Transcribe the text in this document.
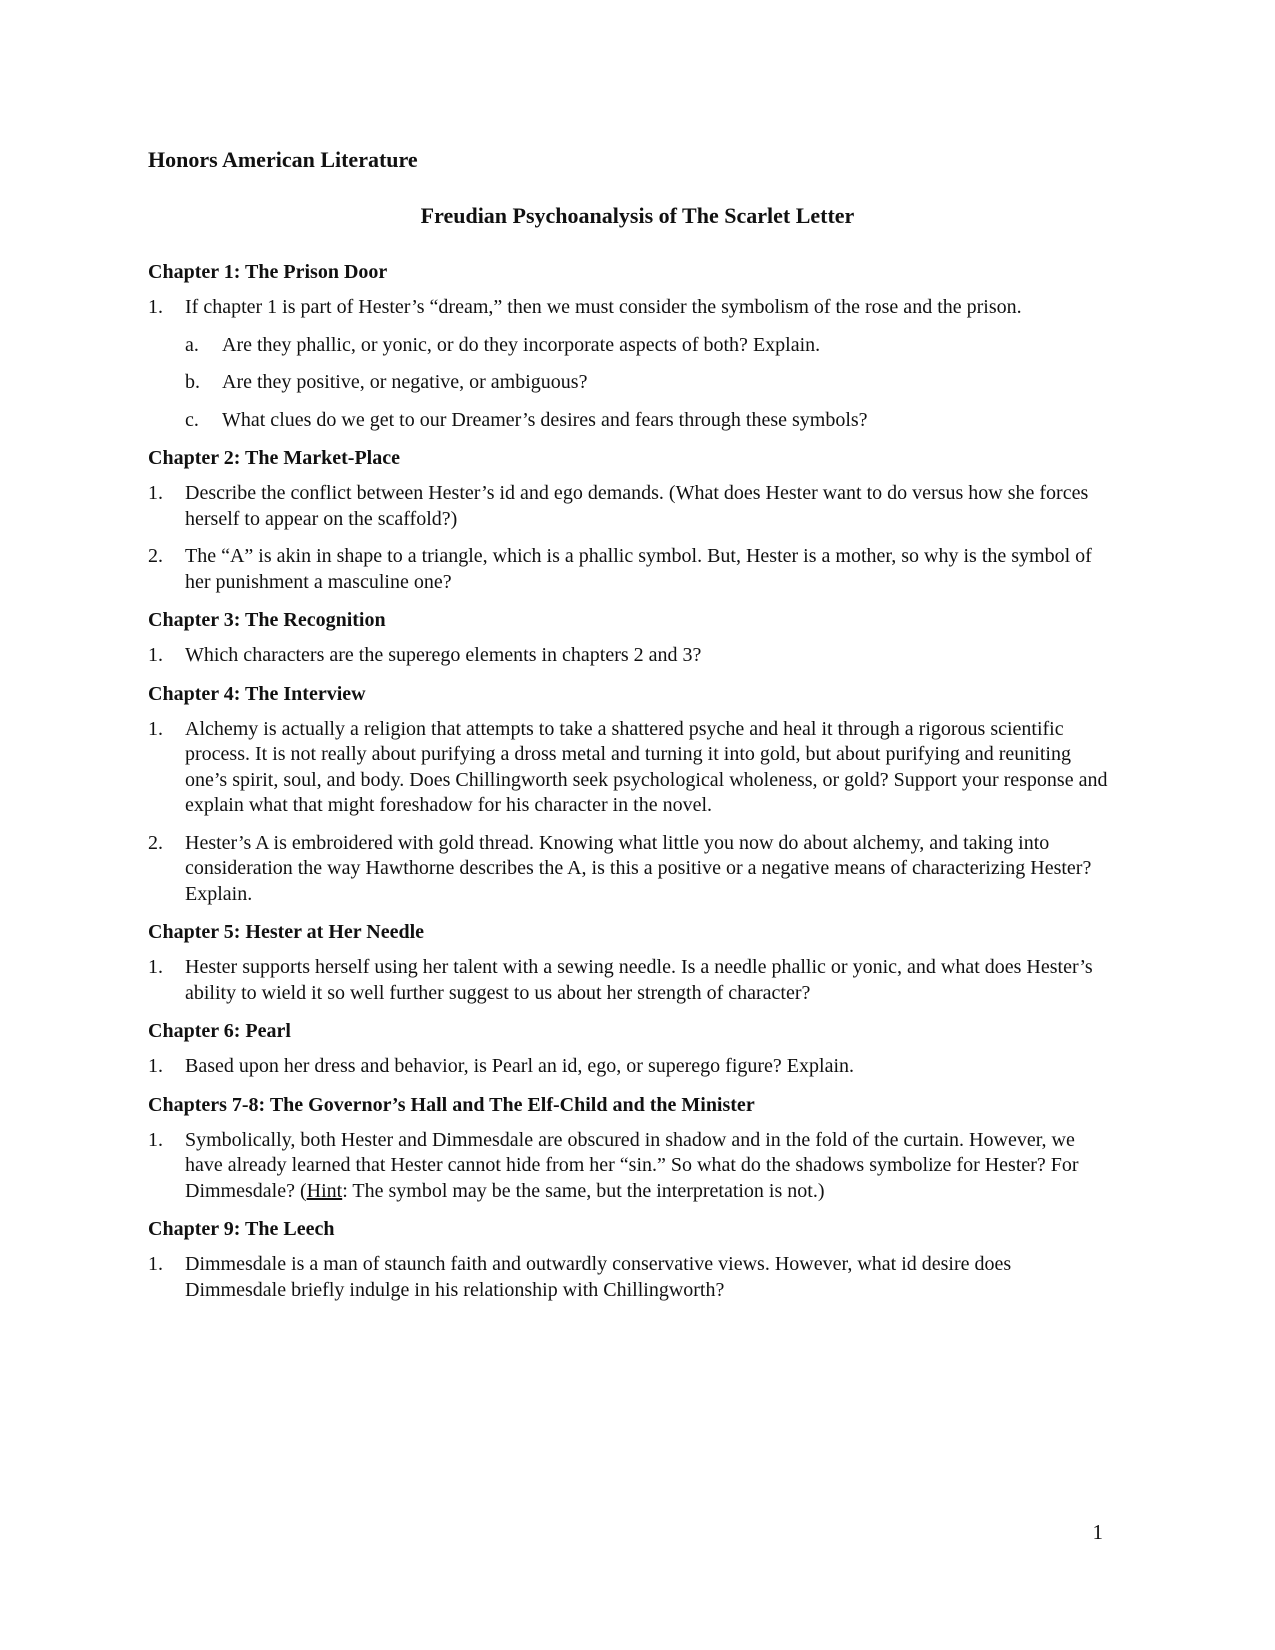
Honors American Literature
Freudian Psychoanalysis of The Scarlet Letter
Chapter 1: The Prison Door
1.	If chapter 1 is part of Hester’s “dream,” then we must consider the symbolism of the rose and the prison.
a.	Are they phallic, or yonic, or do they incorporate aspects of both? Explain.
b.	Are they positive, or negative, or ambiguous?
c.	What clues do we get to our Dreamer’s desires and fears through these symbols?
Chapter 2: The Market-Place
1.	Describe the conflict between Hester’s id and ego demands. (What does Hester want to do versus how she forces herself to appear on the scaffold?)
2.	The “A” is akin in shape to a triangle, which is a phallic symbol. But, Hester is a mother, so why is the symbol of her punishment a masculine one?
Chapter 3: The Recognition
1.	Which characters are the superego elements in chapters 2 and 3?
Chapter 4: The Interview
1.	Alchemy is actually a religion that attempts to take a shattered psyche and heal it through a rigorous scientific process. It is not really about purifying a dross metal and turning it into gold, but about purifying and reuniting one’s spirit, soul, and body. Does Chillingworth seek psychological wholeness, or gold? Support your response and explain what that might foreshadow for his character in the novel.
2.	Hester’s A is embroidered with gold thread. Knowing what little you now do about alchemy, and taking into consideration the way Hawthorne describes the A, is this a positive or a negative means of characterizing Hester? Explain.
Chapter 5: Hester at Her Needle
1.	Hester supports herself using her talent with a sewing needle. Is a needle phallic or yonic, and what does Hester’s ability to wield it so well further suggest to us about her strength of character?
Chapter 6: Pearl
1.	Based upon her dress and behavior, is Pearl an id, ego, or superego figure? Explain.
Chapters 7-8: The Governor’s Hall and The Elf-Child and the Minister
1.	Symbolically, both Hester and Dimmesdale are obscured in shadow and in the fold of the curtain. However, we have already learned that Hester cannot hide from her “sin.” So what do the shadows symbolize for Hester? For Dimmesdale? (Hint: The symbol may be the same, but the interpretation is not.)
Chapter 9: The Leech
1.	Dimmesdale is a man of staunch faith and outwardly conservative views. However, what id desire does Dimmesdale briefly indulge in his relationship with Chillingworth?
1
